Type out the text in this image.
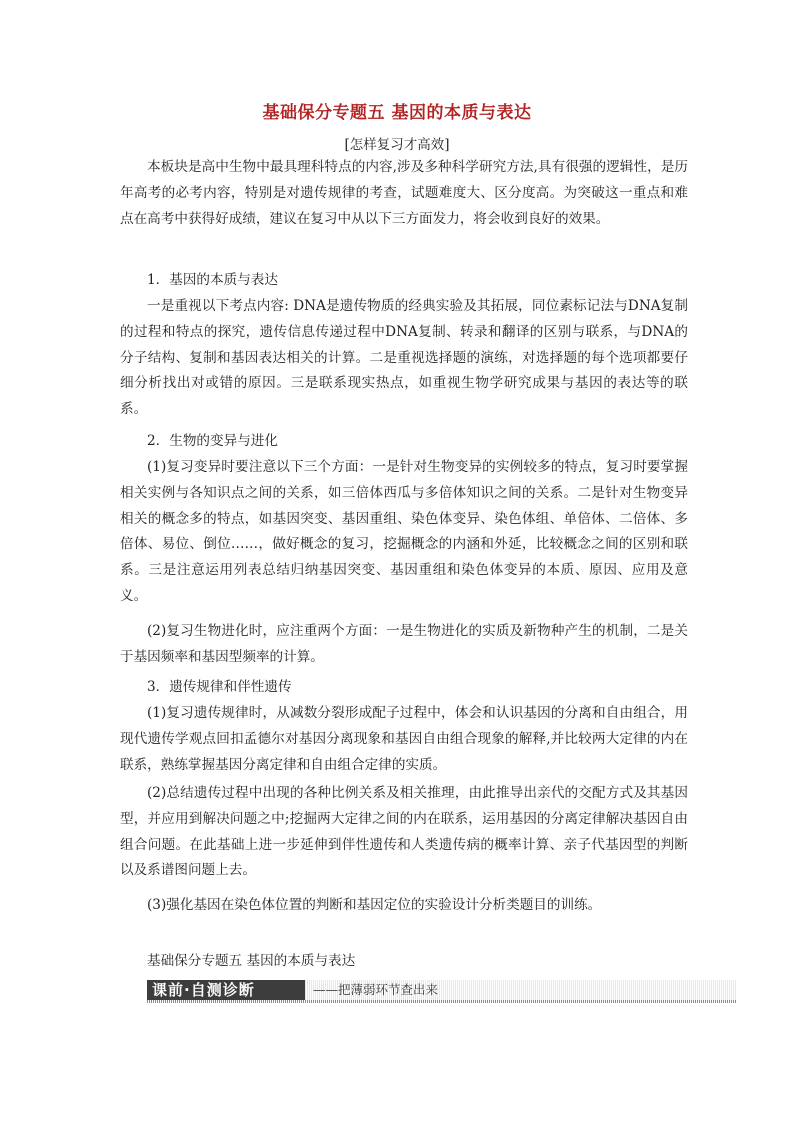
基础保分专题五 基因的本质与表达
[怎样复习才高效]

本板块是高中生物中最具理科特点的内容,涉及多种科学研究方法,具有很强的逻辑性，是历年高考的必考内容，特别是对遗传规律的考查，试题难度大、区分度高。为突破这一重点和难点在高考中获得好成绩，建议在复习中从以下三方面发力，将会收到良好的效果。

1．基因的本质与表达

一是重视以下考点内容: DNA是遗传物质的经典实验及其拓展，同位素标记法与DNA复制的过程和特点的探究，遗传信息传递过程中DNA复制、转录和翻译的区别与联系，与DNA的分子结构、复制和基因表达相关的计算。二是重视选择题的演练，对选择题的每个选项都要仔细分析找出对或错的原因。三是联系现实热点，如重视生物学研究成果与基因的表达等的联系。

2．生物的变异与进化

(1)复习变异时要注意以下三个方面：一是针对生物变异的实例较多的特点，复习时要掌握相关实例与各知识点之间的关系，如三倍体西瓜与多倍体知识之间的关系。二是针对生物变异相关的概念多的特点，如基因突变、基因重组、染色体变异、染色体组、单倍体、二倍体、多倍体、易位、倒位……，做好概念的复习，挖掘概念的内涵和外延，比较概念之间的区别和联系。三是注意运用列表总结归纳基因突变、基因重组和染色体变异的本质、原因、应用及意义。

(2)复习生物进化时，应注重两个方面：一是生物进化的实质及新物种产生的机制，二是关于基因频率和基因型频率的计算。

3．遗传规律和伴性遗传

(1)复习遗传规律时，从减数分裂形成配子过程中，体会和认识基因的分离和自由组合，用现代遗传学观点回扣孟德尔对基因分离现象和基因自由组合现象的解释,并比较两大定律的内在联系，熟练掌握基因分离定律和自由组合定律的实质。

(2)总结遗传过程中出现的各种比例关系及相关推理，由此推导出亲代的交配方式及其基因型，并应用到解决问题之中;挖掘两大定律之间的内在联系，运用基因的分离定律解决基因自由组合问题。在此基础上进一步延伸到伴性遗传和人类遗传病的概率计算、亲子代基因型的判断以及系谱图问题上去。

(3)强化基因在染色体位置的判断和基因定位的实验设计分析类题目的训练。

基础保分专题五 基因的本质与表达
课前·自测诊断	——把薄弱环节查出来
